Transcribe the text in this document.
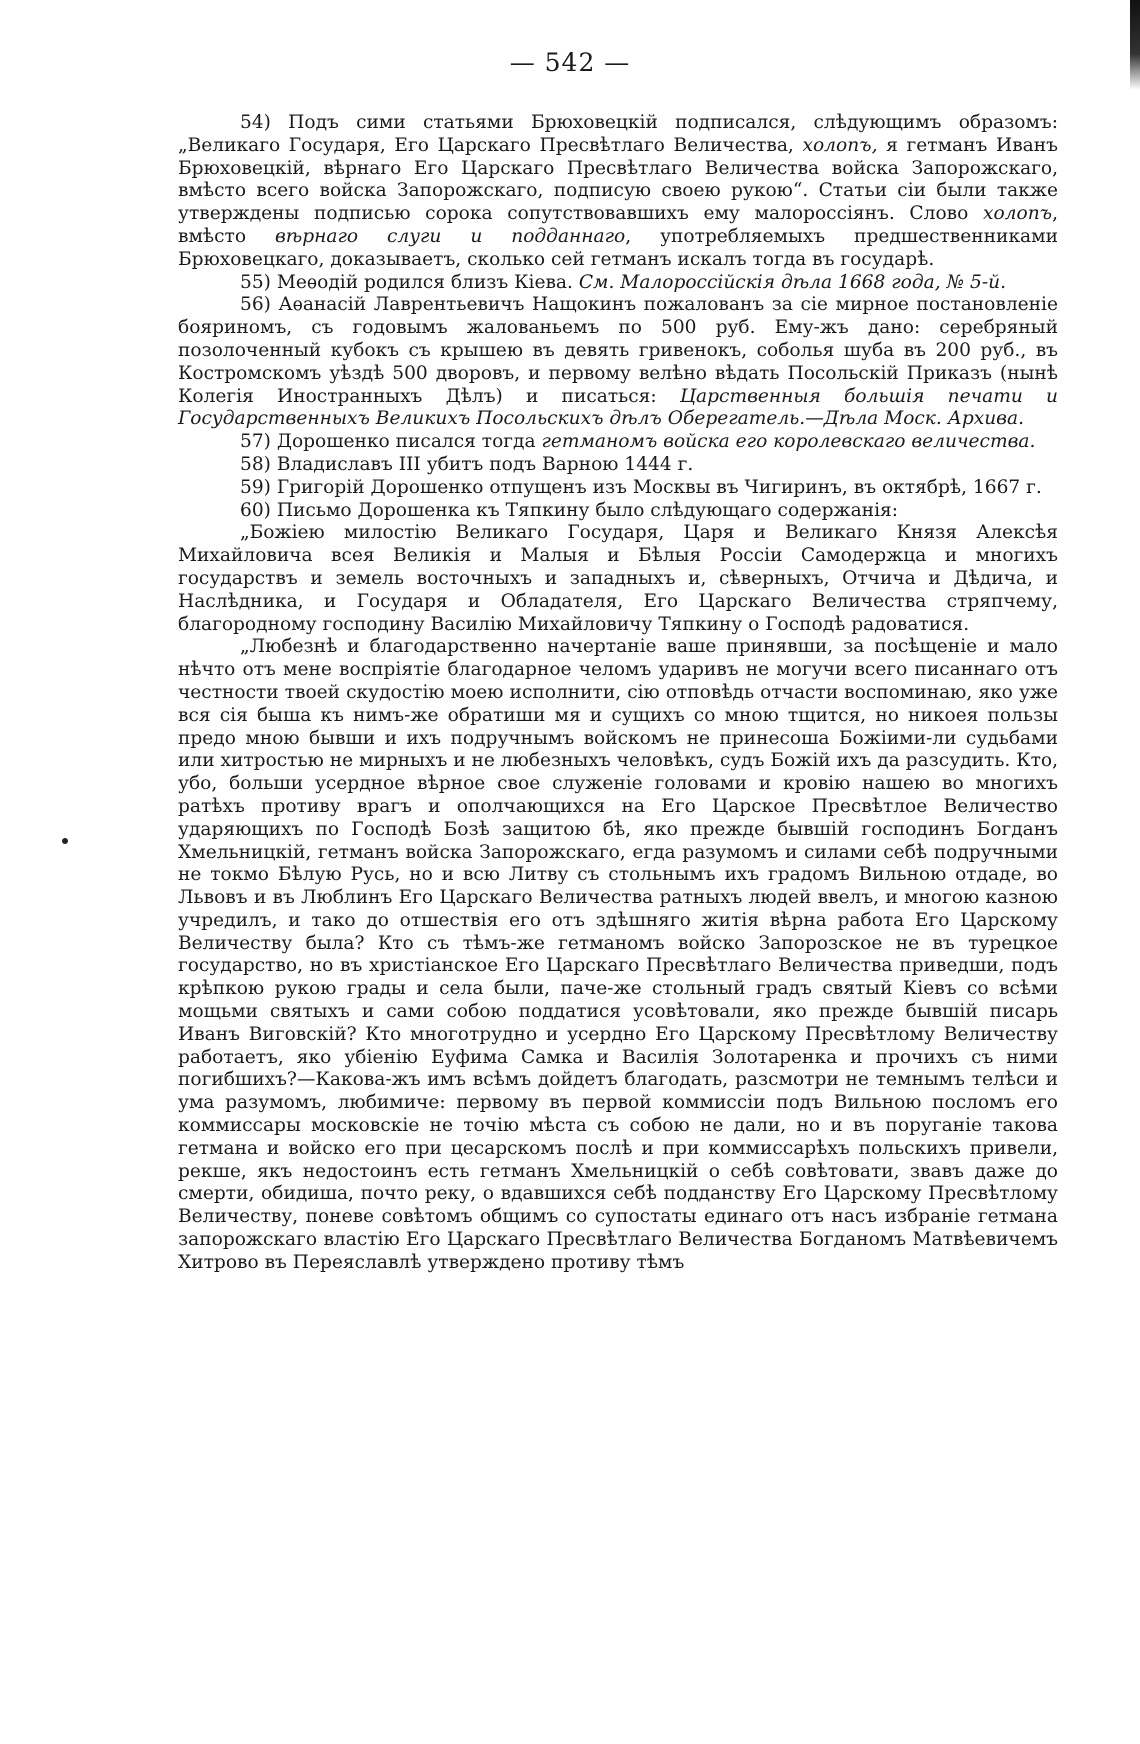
— 542 —

54) Подъ сими статьями Брюховецкій подписался, слѣдующимъ образомъ: „Великаго Государя, Его Царскаго Пресвѣтлаго Величества, холопъ, я гетманъ Иванъ Брюховецкій, вѣрнаго Его Царскаго Пресвѣтлаго Величества войска Запорожскаго, вмѣсто всего войска Запорожскаго, подписую своею рукою“. Статьи сіи были также утверждены подписью сорока сопутствовавшихъ ему малороссіянъ. Слово холопъ, вмѣсто вѣрнаго слуги и подданнаго, употребляемыхъ предшественниками Брюховецкаго, доказываетъ, сколько сей гетманъ искалъ тогда въ государѣ.

55) Меѳодій родился близъ Кіева. См. Малороссійскія дѣла 1668 года, № 5-й.

56) Аѳанасій Лаврентьевичъ Нащокинъ пожалованъ за сіе мирное постановленіе бояриномъ, съ годовымъ жалованьемъ по 500 руб. Ему-жъ дано: серебряный позолоченный кубокъ съ крышею въ девять гривенокъ, соболья шуба въ 200 руб., въ Костромскомъ уѣздѣ 500 дворовъ, и первому велѣно вѣдать Посольскій Приказъ (нынѣ Колегія Иностранныхъ Дѣлъ) и писаться: Царственныя большія печати и Государственныхъ Великихъ Посольскихъ дѣлъ Оберегатель.—Дѣла Моск. Архива.

57) Дорошенко писался тогда гетманомъ войска его королевскаго величества.

58) Владиславъ III убитъ подъ Варною 1444 г.

59) Григорій Дорошенко отпущенъ изъ Москвы въ Чигиринъ, въ октябрѣ, 1667 г.

60) Письмо Дорошенка къ Тяпкину было слѣдующаго содержанія:

„Божіею милостію Великаго Государя, Царя и Великаго Князя Алексѣя Михайловича всея Великія и Малыя и Бѣлыя Россіи Самодержца и многихъ государствъ и земель восточныхъ и западныхъ и, сѣверныхъ, Отчича и Дѣдича, и Наслѣдника, и Государя и Обладателя, Его Царскаго Величества стряпчему, благородному господину Василію Михайловичу Тяпкину о Господѣ радоватися.

„Любезнѣ и благодарственно начертаніе ваше принявши, за посѣщеніе и мало нѣчто отъ мене воспріятіе благодарное челомъ ударивъ не могучи всего писаннаго отъ честности твоей скудостію моею исполнити, сію отповѣдь отчасти воспоминаю, яко уже вся сія быша къ нимъ-же обратиши мя и сущихъ со мною тщится, но никоея пользы предо мною бывши и ихъ подручнымъ войскомъ не принесоша Божіими-ли судьбами или хитростью не мирныхъ и не любезныхъ человѣкъ, судъ Божій ихъ да разсудить. Кто, убо, больши усердное вѣрное свое служеніе головами и кровію нашею во многихъ ратѣхъ противу врагъ и ополчающихся на Его Царское Пресвѣтлое Величество ударяющихъ по Господѣ Бозѣ защитою бѣ, яко прежде бывшій господинъ Богданъ Хмельницкій, гетманъ войска Запорожскаго, егда разумомъ и силами себѣ подручными не токмо Бѣлую Русь, но и всю Литву съ стольнымъ ихъ градомъ Вильною отдаде, во Львовъ и въ Люблинъ Его Царскаго Величества ратныхъ людей ввелъ, и многою казною учредилъ, и тако до отшествія его отъ здѣшняго житія вѣрна работа Его Царскому Величеству была? Кто съ тѣмъ-же гетманомъ войско Запорозское не въ турецкое государство, но въ христіанское Его Царскаго Пресвѣтлаго Величества приведши, подъ крѣпкою рукою грады и села были, паче-же стольный градъ святый Кіевъ со всѣми мощьми святыхъ и сами собою поддатися усовѣтовали, яко прежде бывшій писарь Иванъ Виговскій? Кто многотрудно и усердно Его Царскому Пресвѣтлому Величеству работаетъ, яко убіенію Еуфима Самка и Василія Золотаренка и прочихъ съ ними погибшихъ?—Какова-жъ имъ всѣмъ дойдетъ благодать, разсмотри не темнымъ телѣси и ума разумомъ, любимиче: первому въ первой коммиссіи подъ Вильною посломъ его коммиссары московскіе не точію мѣста съ собою не дали, но и въ поруганіе такова гетмана и войско его при цесарскомъ послѣ и при коммиссарѣхъ польскихъ привели, рекше, якъ недостоинъ есть гетманъ Хмельницкій о себѣ совѣтовати, звавъ даже до смерти, обидиша, почто реку, о вдавшихся себѣ подданству Его Царскому Пресвѣтлому Величеству, поневе совѣтомъ общимъ со супостаты единаго отъ насъ избраніе гетмана запорожскаго властію Его Царскаго Пресвѣтлаго Величества Богданомъ Матвѣевичемъ Хитрово въ Переяславлѣ утверждено противу тѣмъ
